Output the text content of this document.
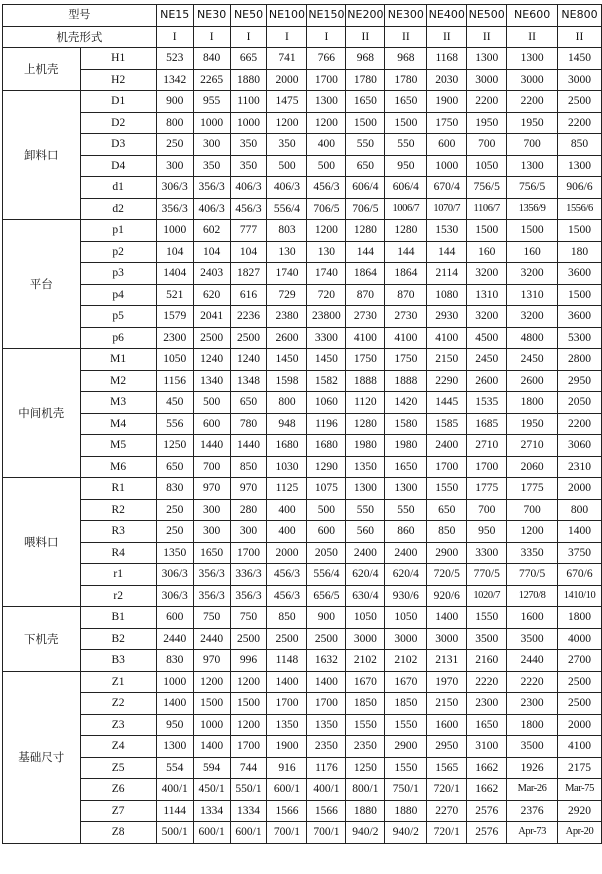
型号		NE15	NE30	NE50	NE100	NE150	NE200	NE300	NE400	NE500	NE600	NE800
机壳形式		I	I	I	I	I	II	II	II	II	II	II
上机壳	H1	523	840	665	741	766	968	968	1168	1300	1300	1450
	H2	1342	2265	1880	2000	1700	1780	1780	2030	3000	3000	3000
卸料口	D1	900	955	1100	1475	1300	1650	1650	1900	2200	2200	2500
	D2	800	1000	1000	1200	1200	1500	1500	1750	1950	1950	2200
	D3	250	300	350	350	400	550	550	600	700	700	850
	D4	300	350	350	500	500	650	950	1000	1050	1300	1300
	d1	306/3	356/3	406/3	406/3	456/3	606/4	606/4	670/4	756/5	756/5	906/6
	d2	356/3	406/3	456/3	556/4	706/5	706/5	1006/7	1070/7	1106/7	1356/9	1556/6
平台	p1	1000	602	777	803	1200	1280	1280	1530	1500	1500	1500
	p2	104	104	104	130	130	144	144	144	160	160	180
	p3	1404	2403	1827	1740	1740	1864	1864	2114	3200	3200	3600
	p4	521	620	616	729	720	870	870	1080	1310	1310	1500
	p5	1579	2041	2236	2380	23800	2730	2730	2930	3200	3200	3600
	p6	2300	2500	2500	2600	3300	4100	4100	4100	4500	4800	5300
中间机壳	M1	1050	1240	1240	1450	1450	1750	1750	2150	2450	2450	2800
	M2	1156	1340	1348	1598	1582	1888	1888	2290	2600	2600	2950
	M3	450	500	650	800	1060	1120	1420	1445	1535	1800	2050
	M4	556	600	780	948	1196	1280	1580	1585	1685	1950	2200
	M5	1250	1440	1440	1680	1680	1980	1980	2400	2710	2710	3060
	M6	650	700	850	1030	1290	1350	1650	1700	1700	2060	2310
喂料口	R1	830	970	970	1125	1075	1300	1300	1550	1775	1775	2000
	R2	250	300	280	400	500	550	550	650	700	700	800
	R3	250	300	300	400	600	560	860	850	950	1200	1400
	R4	1350	1650	1700	2000	2050	2400	2400	2900	3300	3350	3750
	r1	306/3	356/3	336/3	456/3	556/4	620/4	620/4	720/5	770/5	770/5	670/6
	r2	306/3	356/3	356/3	456/3	656/5	630/4	930/6	920/6	1020/7	1270/8	1410/10
下机壳	B1	600	750	750	850	900	1050	1050	1400	1550	1600	1800
	B2	2440	2440	2500	2500	2500	3000	3000	3000	3500	3500	4000
	B3	830	970	996	1148	1632	2102	2102	2131	2160	2440	2700
基础尺寸	Z1	1000	1200	1200	1400	1400	1670	1670	1970	2220	2220	2500
	Z2	1400	1500	1500	1700	1700	1850	1850	2150	2300	2300	2500
	Z3	950	1000	1200	1350	1350	1550	1550	1600	1650	1800	2000
	Z4	1300	1400	1700	1900	2350	2350	2900	2950	3100	3500	4100
	Z5	554	594	744	916	1176	1250	1550	1565	1662	1926	2175
	Z6	400/1	450/1	550/1	600/1	400/1	800/1	750/1	720/1	1662	Mar-26	Mar-75
	Z7	1144	1334	1334	1566	1566	1880	1880	2270	2576	2376	2920
	Z8	500/1	600/1	600/1	700/1	700/1	940/2	940/2	720/1	2576	Apr-73	Apr-20
